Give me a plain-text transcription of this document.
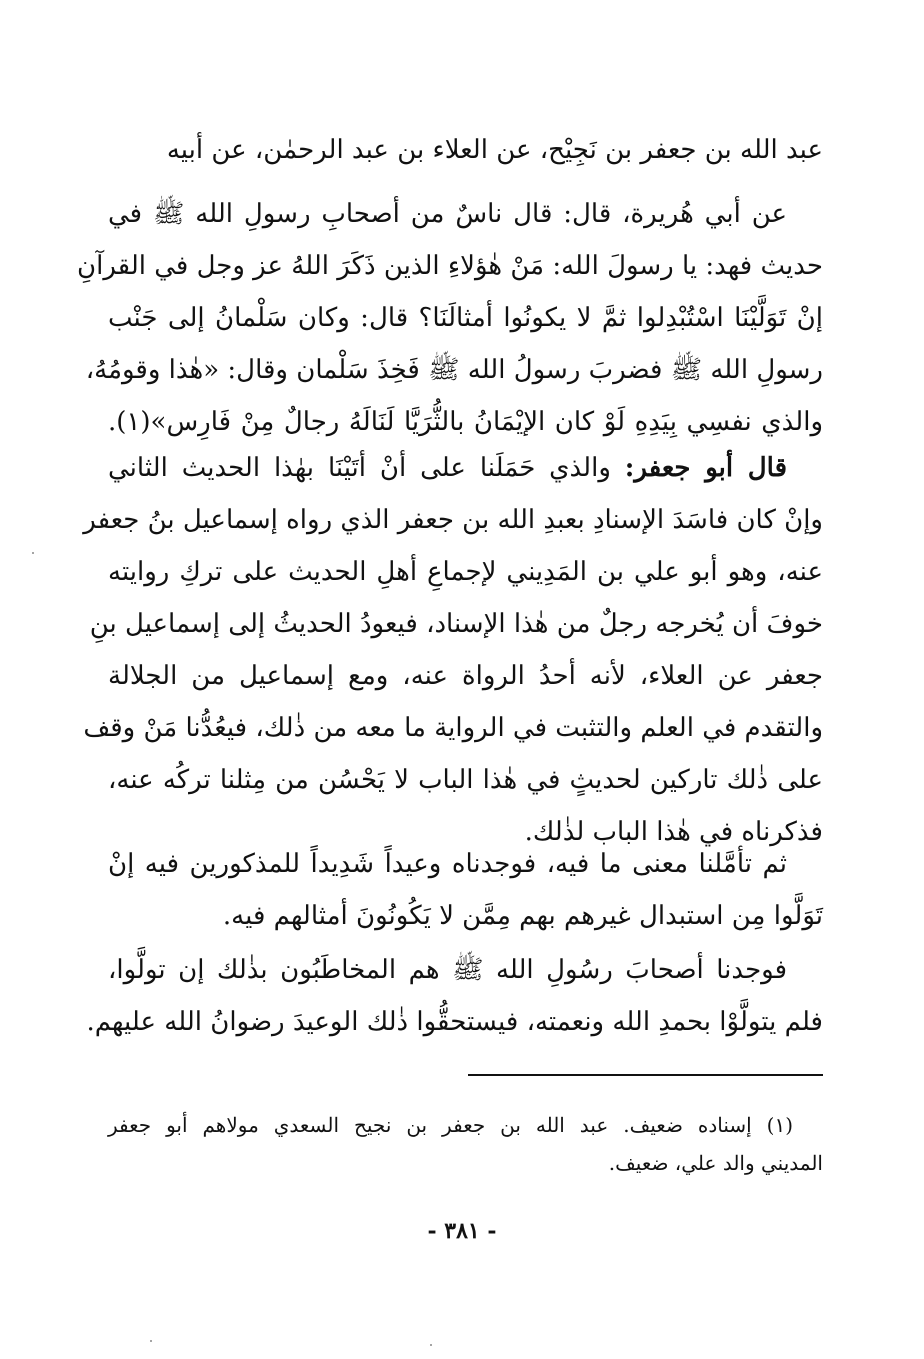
عبد الله بن جعفر بن نَجِيْح، عن العلاء بن عبد الرحمٰن، عن أبيه
عن أبي هُريرة، قال: قال ناسٌ من أصحابِ رسولِ الله ﷺ في
حديث فهد: يا رسولَ الله: مَنْ هٰؤلاءِ الذين ذَكَرَ اللهُ عز وجل في القرآنِ
إنْ تَوَلَّيْنَا اسْتُبْدِلوا ثمَّ لا يكونُوا أمثالَنَا؟ قال: وكان سَلْمانُ إلى جَنْب
رسولِ الله ﷺ فضربَ رسولُ الله ﷺ فَخِذَ سَلْمان وقال: «هٰذا وقومُهُ،
والذي نفسِي بِيَدِهِ لَوْ كان الإيْمَانُ بالثُّرَيَّا لَنَالَهُ رجالٌ مِنْ فَارِس»(١).
قال أبو جعفر: والذي حَمَلَنا على أنْ أتَيْنَا بهٰذا الحديث الثاني
وإنْ كان فاسَدَ الإسنادِ بعبدِ الله بن جعفر الذي رواه إسماعيل بنُ جعفر
عنه، وهو أبو علي بن المَدِيني لإجماعِ أهلِ الحديث على تركِ روايته
خوفَ أن يُخرجه رجلٌ من هٰذا الإسناد، فيعودُ الحديثُ إلى إسماعيل بنِ
جعفر عن العلاء، لأنه أحدُ الرواة عنه، ومع إسماعيل من الجلالة
والتقدم في العلم والتثبت في الرواية ما معه من ذٰلك، فيعُدُّنا مَنْ وقف
على ذٰلك تاركين لحديثٍ في هٰذا الباب لا يَحْسُن من مِثلنا تركُه عنه،
فذكرناه في هٰذا الباب لذٰلك.
ثم تأمَّلنا معنى ما فيه، فوجدناه وعيداً شَدِيداً للمذكورين فيه إنْ
تَوَلَّوا مِن استبدال غيرهم بهم مِمَّن لا يَكُونُونَ أمثالهم فيه.
فوجدنا أصحابَ رسُولِ الله ﷺ هم المخاطَبُون بذٰلك إن تولَّوا،
فلم يتولَّوْا بحمدِ الله ونعمته، فيستحقُّوا ذٰلك الوعيدَ رضوانُ الله عليهم.
(١) إسناده ضعيف. عبد الله بن جعفر بن نجيح السعدي مولاهم أبو جعفر
المديني والد علي، ضعيف.
- ٣٨١ -
